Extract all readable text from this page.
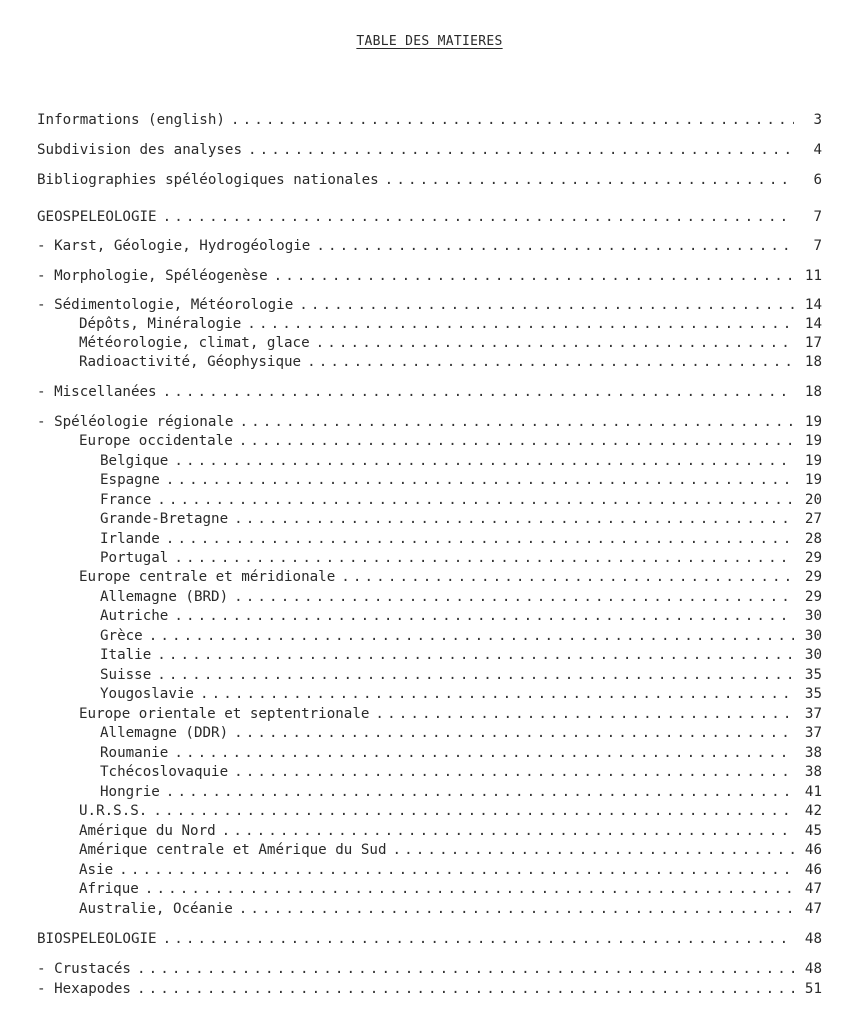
TABLE DES MATIERES
Informations (english) .....	3
Subdivision des analyses .....	4
Bibliographies spéléologiques nationales .....	6
GEOSPELEOLOGIE .....	7
- Karst, Géologie, Hydrogéologie .....	7
- Morphologie, Spéléogenèse .....	11
- Sédimentologie, Météorologie .....	14
Dépôts, Minéralogie .....	14
Météorologie, climat, glace .....	17
Radioactivité, Géophysique .....	18
- Miscellanées .....	18
- Spéléologie régionale .....	19
Europe occidentale .....	19
Belgique .....	19
Espagne .....	19
France .....	20
Grande-Bretagne .....	27
Irlande .....	28
Portugal .....	29
Europe centrale et méridionale .....	29
Allemagne (BRD) .....	29
Autriche .....	30
Grèce .....	30
Italie .....	30
Suisse .....	35
Yougoslavie .....	35
Europe orientale et septentrionale .....	37
Allemagne (DDR) .....	37
Roumanie .....	38
Tchécoslovaquie .....	38
Hongrie .....	41
U.R.S.S. .....	42
Amérique du Nord .....	45
Amérique centrale et Amérique du Sud .....	46
Asie .....	46
Afrique .....	47
Australie, Océanie .....	47
BIOSPELEOLOGIE .....	48
- Crustacés .....	48
- Hexapodes .....	51
